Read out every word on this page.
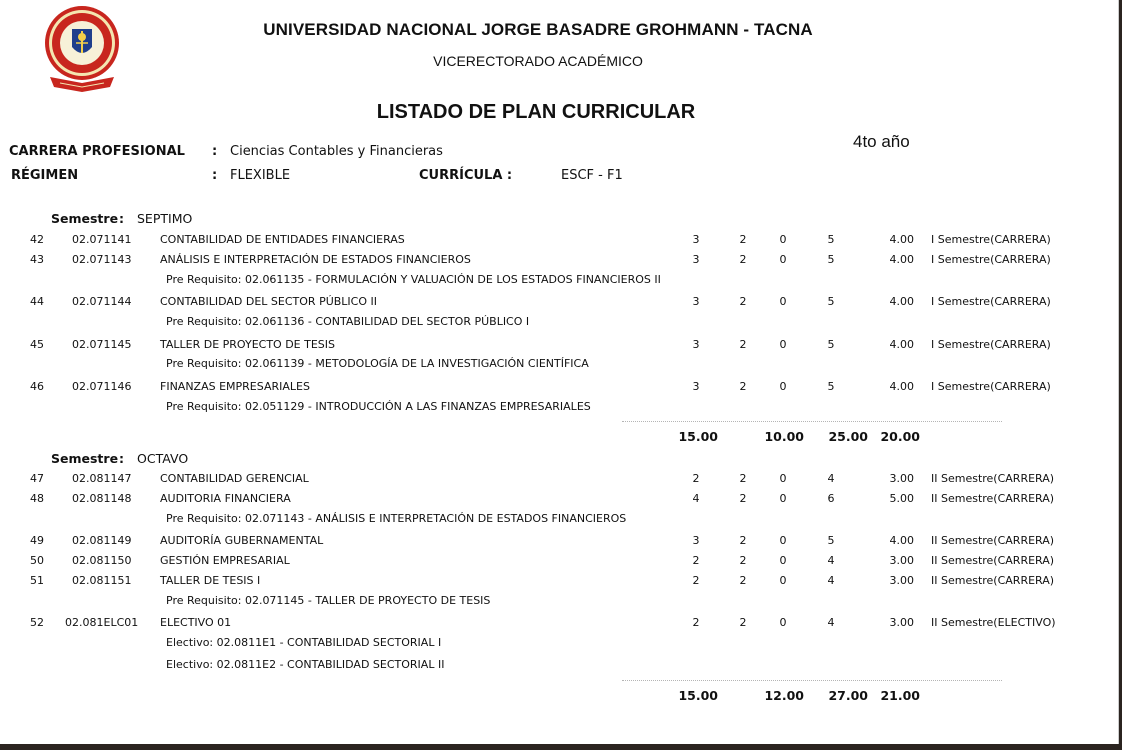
UNIVERSIDAD NACIONAL JORGE BASADRE GROHMANN - TACNA
VICERECTORADO ACADÉMICO
LISTADO DE PLAN CURRICULAR
4to año
CARRERA PROFESIONAL : Ciencias Contables y Financieras
RÉGIMEN	: FLEXIBLE	CURRÍCULA :	ESCF - F1
Semestre : SEPTIMO
42	02.071141	CONTABILIDAD DE ENTIDADES FINANCIERAS	3	2	0	5	4.00 I Semestre(CARRERA)
43	02.071143	ANÁLISIS E INTERPRETACIÓN DE ESTADOS FINANCIEROS	3	2	0	5	4.00 I Semestre(CARRERA)
Pre Requisito: 02.061135 - FORMULACIÓN Y VALUACIÓN DE LOS ESTADOS FINANCIEROS II
44	02.071144	CONTABILIDAD DEL SECTOR PÚBLICO II	3	2	0	5	4.00 I Semestre(CARRERA)
Pre Requisito: 02.061136 - CONTABILIDAD DEL SECTOR PÚBLICO I
45	02.071145	TALLER DE PROYECTO DE TESIS	3	2	0	5	4.00 I Semestre(CARRERA)
Pre Requisito: 02.061139 - METODOLOGÍA DE LA INVESTIGACIÓN CIENTÍFICA
46	02.071146	FINANZAS EMPRESARIALES	3	2	0	5	4.00 I Semestre(CARRERA)
Pre Requisito: 02.051129 - INTRODUCCIÓN A LAS FINANZAS EMPRESARIALES
15.00	10.00	25.00 20.00
Semestre : OCTAVO
47	02.081147	CONTABILIDAD GERENCIAL	2	2	0	4	3.00 II Semestre(CARRERA)
48	02.081148	AUDITORIA FINANCIERA	4	2	0	6	5.00 II Semestre(CARRERA)
Pre Requisito: 02.071143 - ANÁLISIS E INTERPRETACIÓN DE ESTADOS FINANCIEROS
49	02.081149	AUDITORÍA GUBERNAMENTAL	3	2	0	5	4.00 II Semestre(CARRERA)
50	02.081150	GESTIÓN EMPRESARIAL	2	2	0	4	3.00 II Semestre(CARRERA)
51	02.081151	TALLER DE TESIS I	2	2	0	4	3.00 II Semestre(CARRERA)
Pre Requisito: 02.071145 - TALLER DE PROYECTO DE TESIS
52 02.081ELC01 ELECTIVO 01	2	2	0	4	3.00 II Semestre(ELECTIVO)
Electivo: 02.0811E1 - CONTABILIDAD SECTORIAL I
Electivo: 02.0811E2 - CONTABILIDAD SECTORIAL II
15.00	12.00	27.00 21.00
